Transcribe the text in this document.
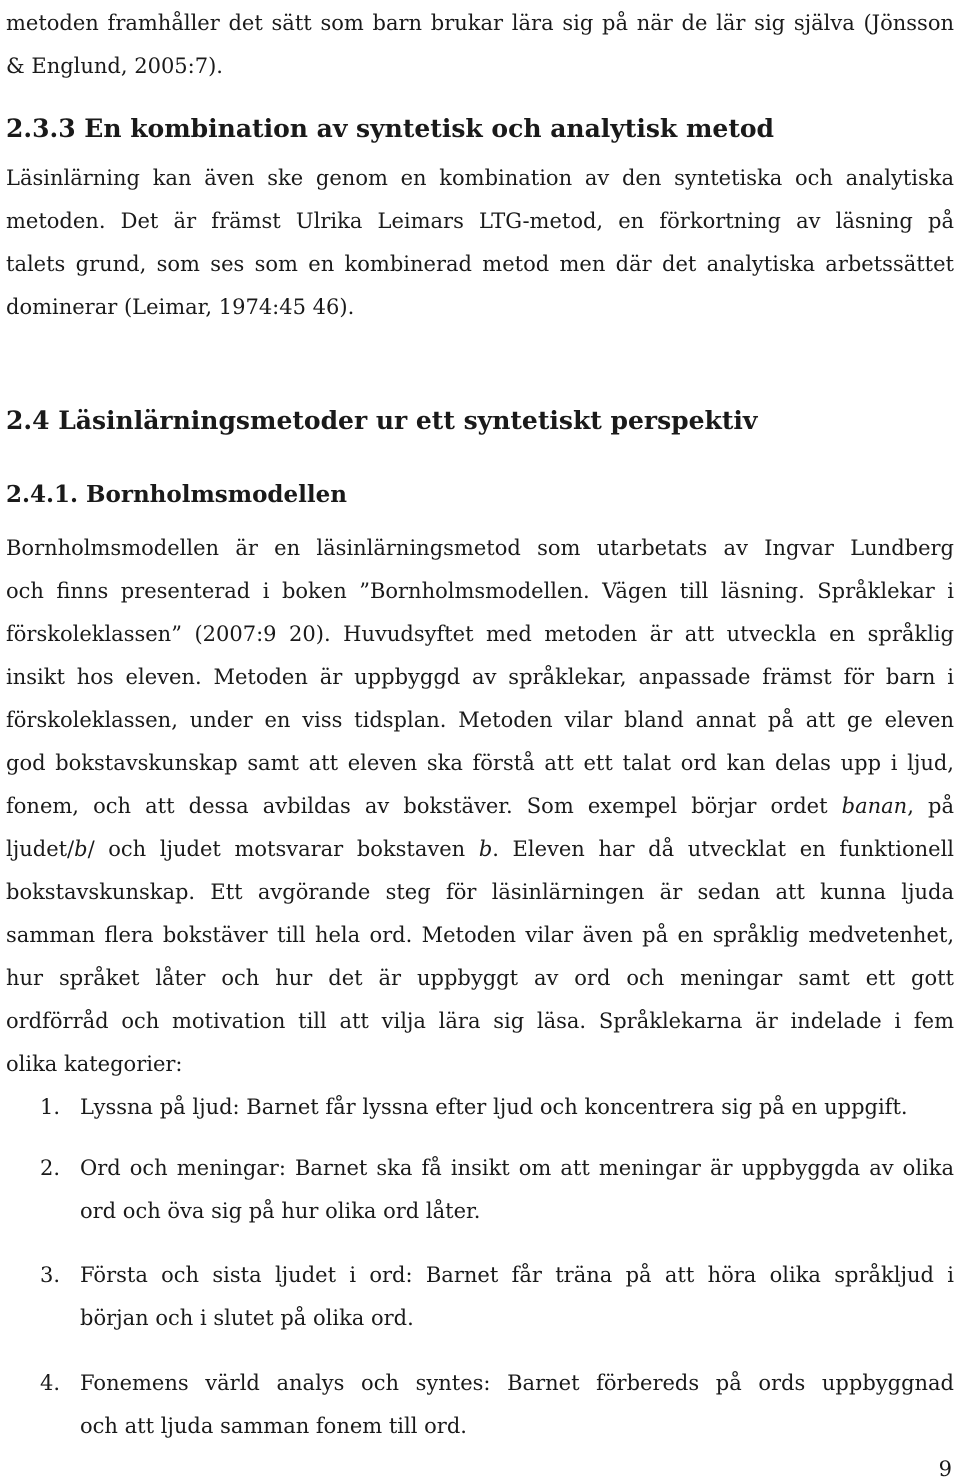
metoden framhåller det sätt som barn brukar lära sig på när de lär sig själva (Jönsson
& Englund, 2005:7).
2.3.3 En kombination av syntetisk och analytisk metod
Läsinlärning kan även ske genom en kombination av den syntetiska och analytiska
metoden. Det är främst Ulrika Leimars LTG-metod, en förkortning av läsning på
talets grund, som ses som en kombinerad metod men där det analytiska arbetssättet
dominerar (Leimar, 1974:45 46).
2.4 Läsinlärningsmetoder ur ett syntetiskt perspektiv
2.4.1. Bornholmsmodellen
Bornholmsmodellen är en läsinlärningsmetod som utarbetats av Ingvar Lundberg
och finns presenterad i boken ”Bornholmsmodellen. Vägen till läsning. Språklekar i
förskoleklassen” (2007:9 20). Huvudsyftet med metoden är att utveckla en språklig
insikt hos eleven. Metoden är uppbyggd av språklekar, anpassade främst för barn i
förskoleklassen, under en viss tidsplan. Metoden vilar bland annat på att ge eleven
god bokstavskunskap samt att eleven ska förstå att ett talat ord kan delas upp i ljud,
fonem, och att dessa avbildas av bokstäver. Som exempel börjar ordet banan, på
ljudet/b/ och ljudet motsvarar bokstaven b. Eleven har då utvecklat en funktionell
bokstavskunskap. Ett avgörande steg för läsinlärningen är sedan att kunna ljuda
samman flera bokstäver till hela ord. Metoden vilar även på en språklig medvetenhet,
hur språket låter och hur det är uppbyggt av ord och meningar samt ett gott
ordförråd och motivation till att vilja lära sig läsa. Språklekarna är indelade i fem
olika kategorier:
1. Lyssna på ljud: Barnet får lyssna efter ljud och koncentrera sig på en uppgift.
2. Ord och meningar: Barnet ska få insikt om att meningar är uppbyggda av olika
ord och öva sig på hur olika ord låter.
3. Första och sista ljudet i ord: Barnet får träna på att höra olika språkljud i
början och i slutet på olika ord.
4. Fonemens värld analys och syntes: Barnet förbereds på ords uppbyggnad
och att ljuda samman fonem till ord.
9
